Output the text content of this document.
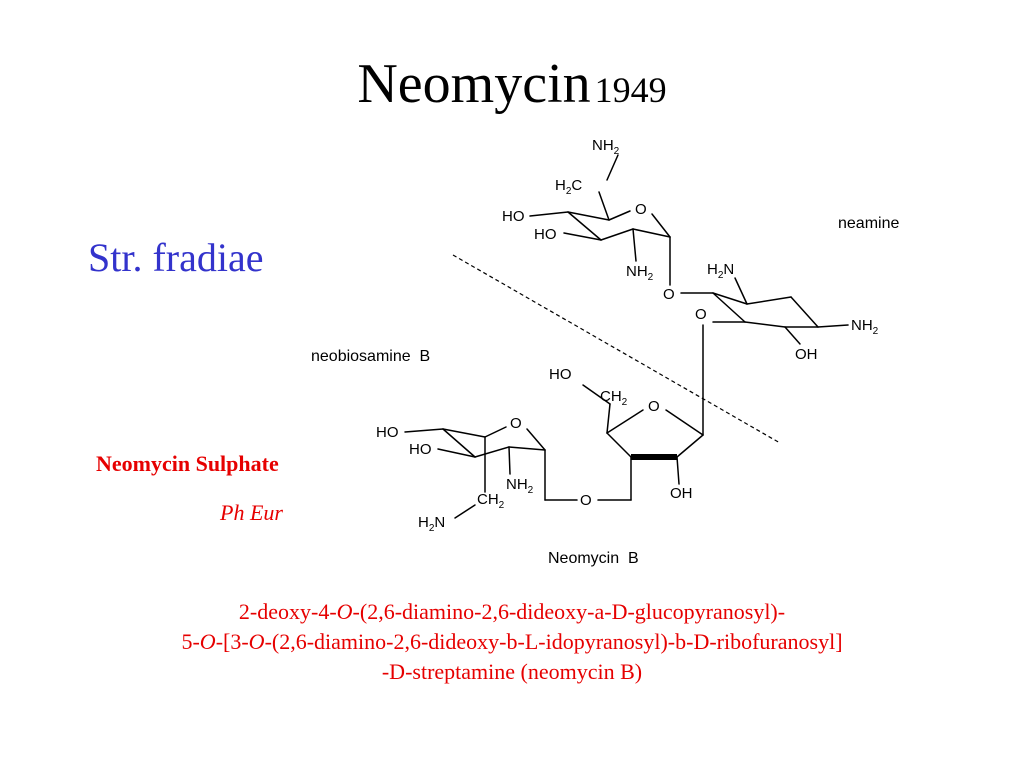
Neomycin 1949
Str. fradiae
Neomycin Sulphate
Ph Eur
2-deoxy-4-O-(2,6-diamino-2,6-dideoxy-a-D-glucopyranosyl)-
5-O-[3-O-(2,6-diamino-2,6-dideoxy-b-L-idopyranosyl)-b-D-ribofuranosyl]
-D-streptamine (neomycin B)
O
O
O
O
O
O
$NH_2$
$H_2C$
HO
HO
$NH_2$	$H_2N$
$NH_2$
OH
HO
$CH_2$
HO
HO
$NH_2$	OH
$CH_2$
$H_2N$
neamine
neobiosamine  B
Neomycin  B
